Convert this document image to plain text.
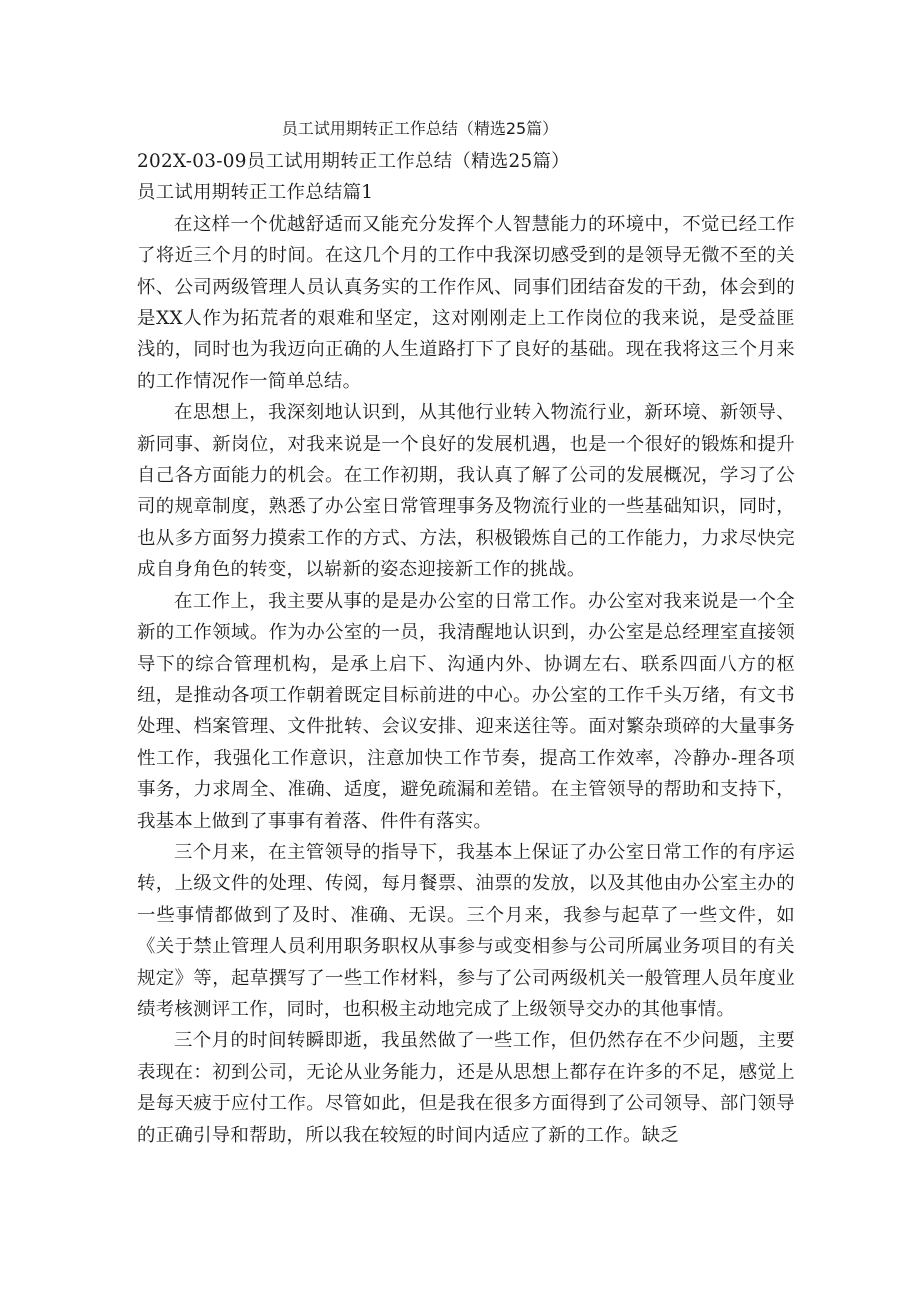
员工试用期转正工作总结（精选25篇）

202X-03-09员工试用期转正工作总结（精选25篇）

员工试用期转正工作总结篇1

在这样一个优越舒适而又能充分发挥个人智慧能力的环境中，不觉已经工作了将近三个月的时间。在这几个月的工作中我深切感受到的是领导无微不至的关怀、公司两级管理人员认真务实的工作作风、同事们团结奋发的干劲，体会到的是XX人作为拓荒者的艰难和坚定，这对刚刚走上工作岗位的我来说，是受益匪浅的，同时也为我迈向正确的人生道路打下了良好的基础。现在我将这三个月来的工作情况作一简单总结。

在思想上，我深刻地认识到，从其他行业转入物流行业，新环境、新领导、新同事、新岗位，对我来说是一个良好的发展机遇，也是一个很好的锻炼和提升自己各方面能力的机会。在工作初期，我认真了解了公司的发展概况，学习了公司的规章制度，熟悉了办公室日常管理事务及物流行业的一些基础知识，同时，也从多方面努力摸索工作的方式、方法，积极锻炼自己的工作能力，力求尽快完成自身角色的转变，以崭新的姿态迎接新工作的挑战。

在工作上，我主要从事的是是办公室的日常工作。办公室对我来说是一个全新的工作领域。作为办公室的一员，我清醒地认识到，办公室是总经理室直接领导下的综合管理机构，是承上启下、沟通内外、协调左右、联系四面八方的枢纽，是推动各项工作朝着既定目标前进的中心。办公室的工作千头万绪，有文书处理、档案管理、文件批转、会议安排、迎来送往等。面对繁杂琐碎的大量事务性工作，我强化工作意识，注意加快工作节奏，提高工作效率，冷静办-理各项事务，力求周全、准确、适度，避免疏漏和差错。在主管领导的帮助和支持下，我基本上做到了事事有着落、件件有落实。

三个月来，在主管领导的指导下，我基本上保证了办公室日常工作的有序运转，上级文件的处理、传阅，每月餐票、油票的发放，以及其他由办公室主办的一些事情都做到了及时、准确、无误。三个月来，我参与起草了一些文件，如《关于禁止管理人员利用职务职权从事参与或变相参与公司所属业务项目的有关规定》等，起草撰写了一些工作材料，参与了公司两级机关一般管理人员年度业绩考核测评工作，同时，也积极主动地完成了上级领导交办的其他事情。

三个月的时间转瞬即逝，我虽然做了一些工作，但仍然存在不少问题，主要表现在：初到公司，无论从业务能力，还是从思想上都存在许多的不足，感觉上是每天疲于应付工作。尽管如此，但是我在很多方面得到了公司领导、部门领导的正确引导和帮助，所以我在较短的时间内适应了新的工作。缺乏
